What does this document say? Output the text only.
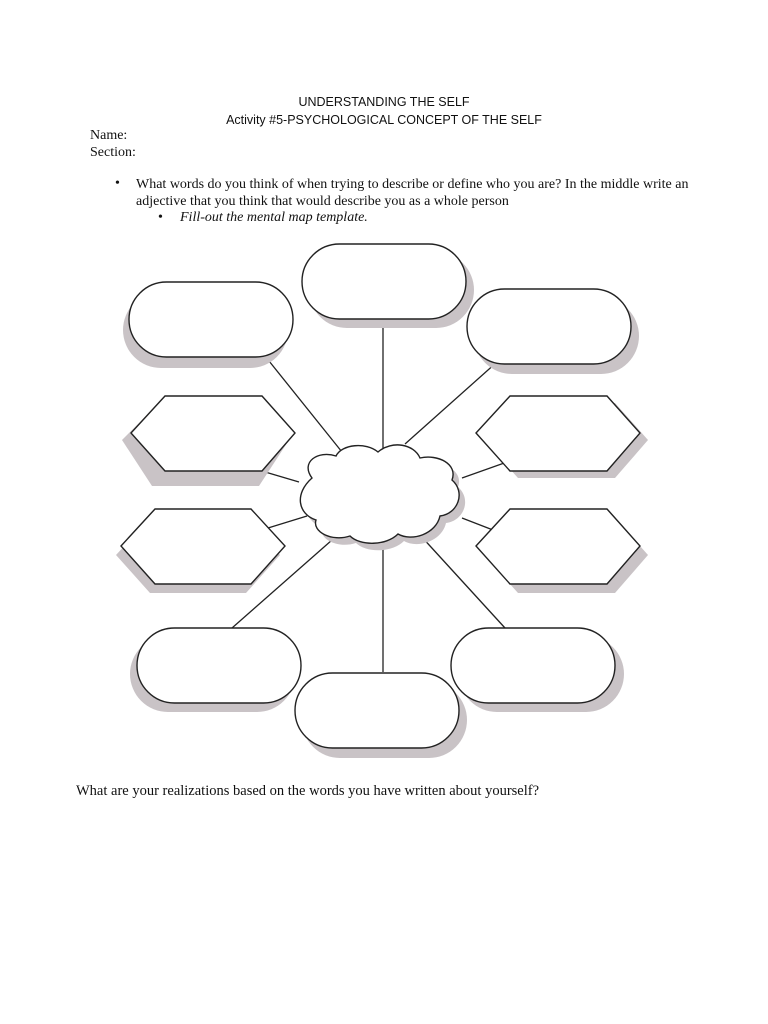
UNDERSTANDING THE SELF
Activity #5-PSYCHOLOGICAL CONCEPT OF THE SELF
Name:
Section:
• What words do you think of when trying to describe or define who you are? In the middle write an adjective that you think that would describe you as a whole person
• Fill-out the mental map template.
What are your realizations based on the words you have written about yourself?
